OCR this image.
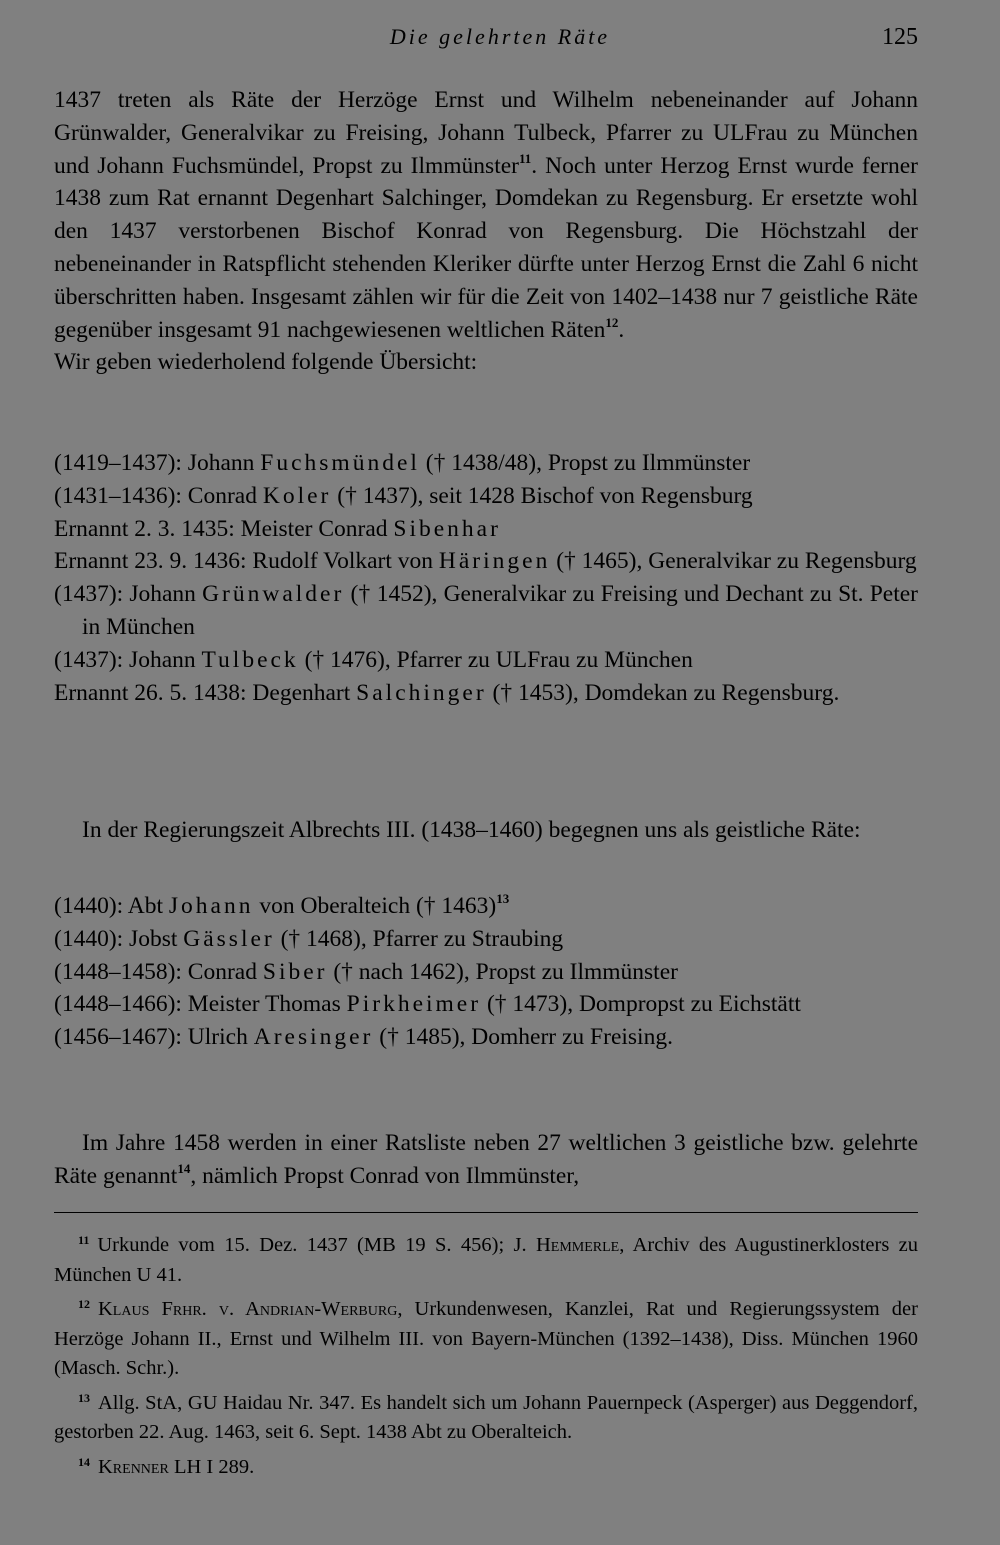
Die gelehrten Räte	125

1437 treten als Räte der Herzöge Ernst und Wilhelm nebeneinander auf Johann Grünwalder, Generalvikar zu Freising, Johann Tulbeck, Pfarrer zu ULFrau zu München und Johann Fuchsmündel, Propst zu Ilmmünster$^{11}$. Noch unter Herzog Ernst wurde ferner 1438 zum Rat ernannt Degenhart Salchinger, Domdekan zu Regensburg. Er ersetzte wohl den 1437 verstorbenen Bischof Konrad von Regensburg. Die Höchstzahl der nebeneinander in Ratspflicht stehenden Kleriker dürfte unter Herzog Ernst die Zahl 6 nicht überschritten haben. Insgesamt zählen wir für die Zeit von 1402–1438 nur 7 geistliche Räte gegenüber insgesamt 91 nachgewiesenen weltlichen Räten$^{12}$.

Wir geben wiederholend folgende Übersicht:

(1419–1437): Johann Fuchsmündel († 1438/48), Propst zu Ilmmünster

(1431–1436): Conrad Koler († 1437), seit 1428 Bischof von Regensburg

Ernannt 2. 3. 1435: Meister Conrad Sibenhar

Ernannt 23. 9. 1436: Rudolf Volkart von Häringen († 1465), Generalvikar zu Regensburg

(1437): Johann Grünwalder († 1452), Generalvikar zu Freising und Dechant zu St. Peter in München

(1437): Johann Tulbeck († 1476), Pfarrer zu ULFrau zu München

Ernannt 26. 5. 1438: Degenhart Salchinger († 1453), Domdekan zu Regensburg.

In der Regierungszeit Albrechts III. (1438–1460) begegnen uns als geistliche Räte:

(1440): Abt Johann von Oberalteich († 1463)$^{13}$

(1440): Jobst Gässler († 1468), Pfarrer zu Straubing

(1448–1458): Conrad Siber († nach 1462), Propst zu Ilmmünster

(1448–1466): Meister Thomas Pirkheimer († 1473), Dompropst zu Eichstätt

(1456–1467): Ulrich Aresinger († 1485), Domherr zu Freising.

Im Jahre 1458 werden in einer Ratsliste neben 27 weltlichen 3 geistliche bzw. gelehrte Räte genannt$^{14}$, nämlich Propst Conrad von Ilmmünster,

$^{11}$ Urkunde vom 15. Dez. 1437 (MB 19 S. 456); J. Hemmerle, Archiv des Augustinerklosters zu München U 41.

$^{12}$ Klaus Frhr. v. Andrian-Werburg, Urkundenwesen, Kanzlei, Rat und Regierungssystem der Herzöge Johann II., Ernst und Wilhelm III. von Bayern-München (1392–1438), Diss. München 1960 (Masch. Schr.).

$^{13}$ Allg. StA, GU Haidau Nr. 347. Es handelt sich um Johann Pauernpeck (Asperger) aus Deggendorf, gestorben 22. Aug. 1463, seit 6. Sept. 1438 Abt zu Oberalteich.

$^{14}$ Krenner LH I 289.
